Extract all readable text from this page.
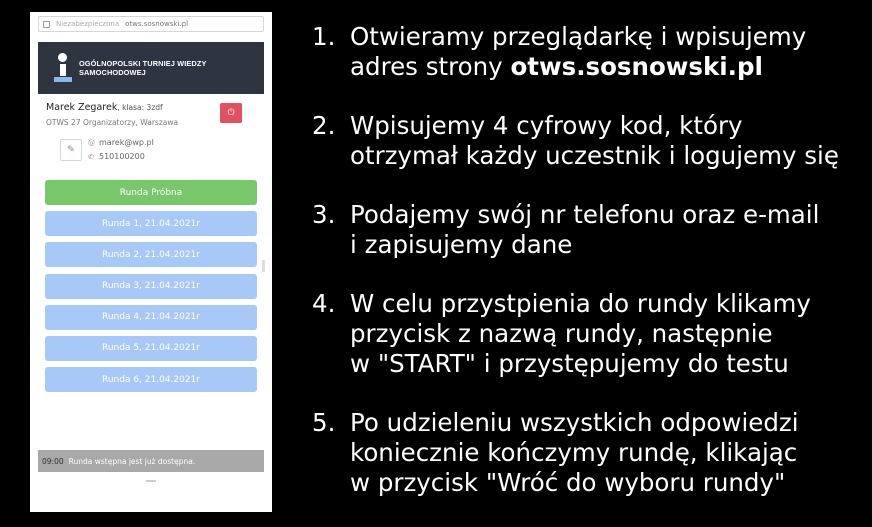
Niezabezpieczona otws.sosnowski.pl
OGÓLNOPOLSKI TURNIEJ WIEDZY SAMOCHODOWEJ
Marek Zegarek, klasa: 3zdf
OTWS 27 Organizatorzy, Warszawa
⏻
✎
@ marek@wp.pl
✆ 510100200
Runda Próbna
Runda 1, 21.04.2021r
Runda 2, 21.04.2021r
Runda 3, 21.04.2021r
Runda 4, 21.04.2021r
Runda 5, 21.04.2021r
Runda 6, 21.04.2021r
09:00 Runda wstępna jest już dostępna.
1. Otwieramy przeglądarkę i wpisujemy
adres strony otws.sosnowski.pl
2. Wpisujemy 4 cyfrowy kod, który
otrzymał każdy uczestnik i logujemy się
3. Podajemy swój nr telefonu oraz e-mail
i zapisujemy dane
4. W celu przystpienia do rundy klikamy
przycisk z nazwą rundy, następnie
w "START" i przystępujemy do testu
5. Po udzieleniu wszystkich odpowiedzi
koniecznie kończymy rundę, klikając
w przycisk "Wróć do wyboru rundy"
